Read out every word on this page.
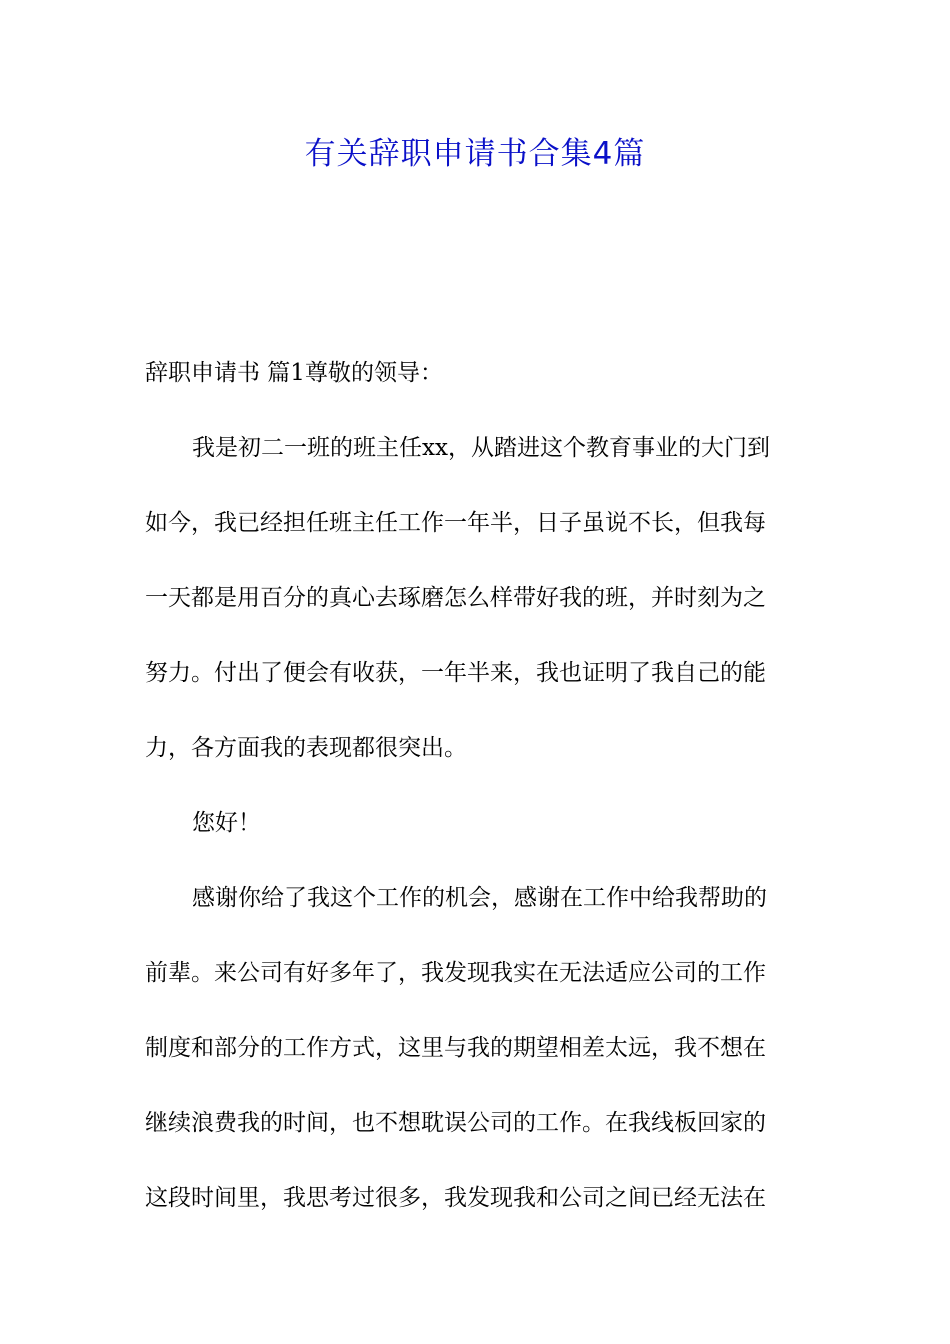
有关辞职申请书合集4篇
辞职申请书 篇1尊敬的领导：
我是初二一班的班主任xx，从踏进这个教育事业的大门到
如今，我已经担任班主任工作一年半，日子虽说不长，但我每
一天都是用百分的真心去琢磨怎么样带好我的班，并时刻为之
努力。付出了便会有收获，一年半来，我也证明了我自己的能
力，各方面我的表现都很突出。
您好！
感谢你给了我这个工作的机会，感谢在工作中给我帮助的
前辈。来公司有好多年了，我发现我实在无法适应公司的工作
制度和部分的工作方式，这里与我的期望相差太远，我不想在
继续浪费我的时间，也不想耽误公司的工作。在我线板回家的
这段时间里，我思考过很多，我发现我和公司之间已经无法在
